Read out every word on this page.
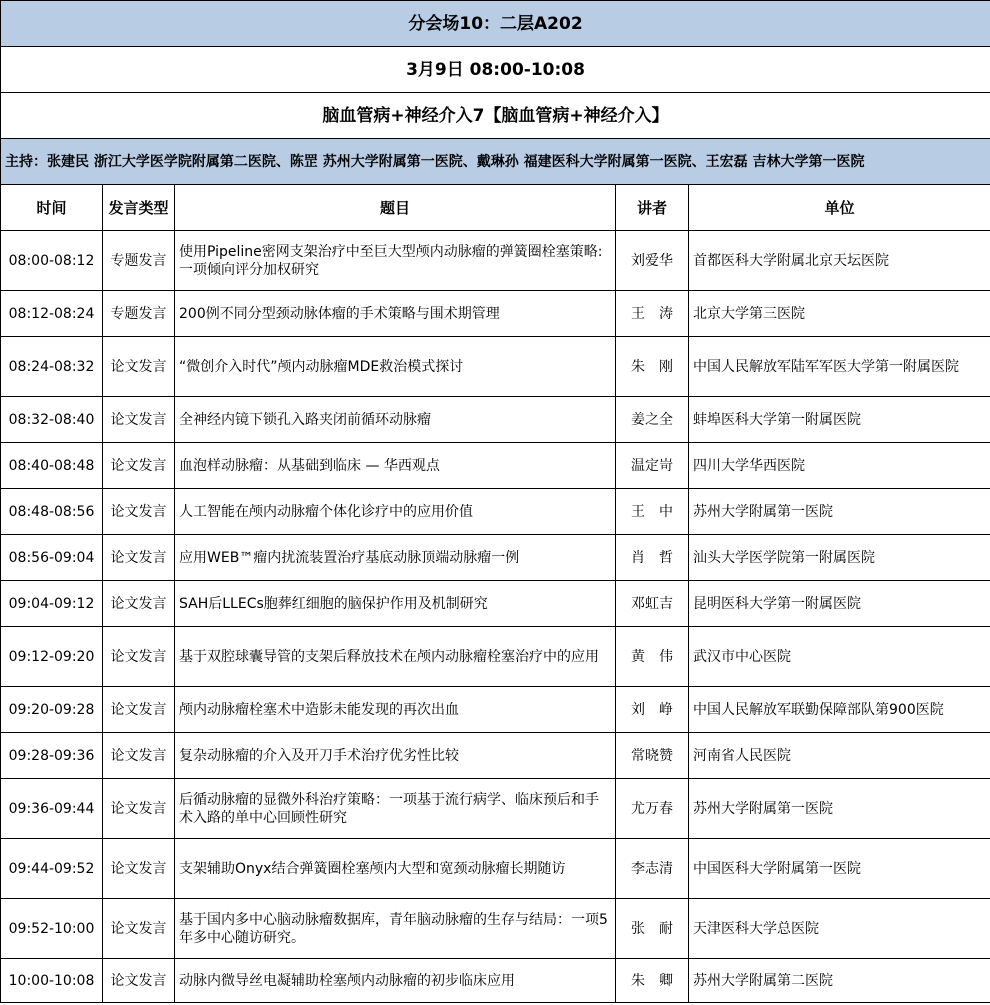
分会场10：二层A202				
3月9日 08:00-10:08				
脑血管病+神经介入7【脑血管病+神经介入】				
主持：张建民 浙江大学医学院附属第二医院、陈罡 苏州大学附属第一医院、戴琳孙 福建医科大学附属第一医院、王宏磊 吉林大学第一医院				
时间	发言类型	题目	讲者	单位
08:00-08:12	专题发言	使用Pipeline密网支架治疗中至巨大型颅内动脉瘤的弹簧圈栓塞策略:一项倾向评分加权研究	刘爱华	首都医科大学附属北京天坛医院
08:12-08:24	专题发言	200例不同分型颈动脉体瘤的手术策略与围术期管理	王　涛	北京大学第三医院
08:24-08:32	论文发言	“微创介入时代”颅内动脉瘤MDE救治模式探讨	朱　刚	中国人民解放军陆军军医大学第一附属医院
08:32-08:40	论文发言	全神经内镜下锁孔入路夹闭前循环动脉瘤	姜之全	蚌埠医科大学第一附属医院
08:40-08:48	论文发言	血泡样动脉瘤：从基础到临床 — 华西观点	温定岢	四川大学华西医院
08:48-08:56	论文发言	人工智能在颅内动脉瘤个体化诊疗中的应用价值	王　中	苏州大学附属第一医院
08:56-09:04	论文发言	应用WEB™瘤内扰流装置治疗基底动脉顶端动脉瘤一例	肖　哲	汕头大学医学院第一附属医院
09:04-09:12	论文发言	SAH后LLECs胞葬红细胞的脑保护作用及机制研究	邓虹吉	昆明医科大学第一附属医院
09:12-09:20	论文发言	基于双腔球囊导管的支架后释放技术在颅内动脉瘤栓塞治疗中的应用	黄　伟	武汉市中心医院
09:20-09:28	论文发言	颅内动脉瘤栓塞术中造影未能发现的再次出血	刘　峥	中国人民解放军联勤保障部队第900医院
09:28-09:36	论文发言	复杂动脉瘤的介入及开刀手术治疗优劣性比较	常晓赞	河南省人民医院
09:36-09:44	论文发言	后循动脉瘤的显微外科治疗策略：一项基于流行病学、临床预后和手术入路的单中心回顾性研究	尤万春	苏州大学附属第一医院
09:44-09:52	论文发言	支架辅助Onyx结合弹簧圈栓塞颅内大型和宽颈动脉瘤长期随访	李志清	中国医科大学附属第一医院
09:52-10:00	论文发言	基于国内多中心脑动脉瘤数据库，青年脑动脉瘤的生存与结局：一项5年多中心随访研究。	张　耐	天津医科大学总医院
10:00-10:08	论文发言	动脉内微导丝电凝辅助栓塞颅内动脉瘤的初步临床应用	朱　卿	苏州大学附属第二医院
